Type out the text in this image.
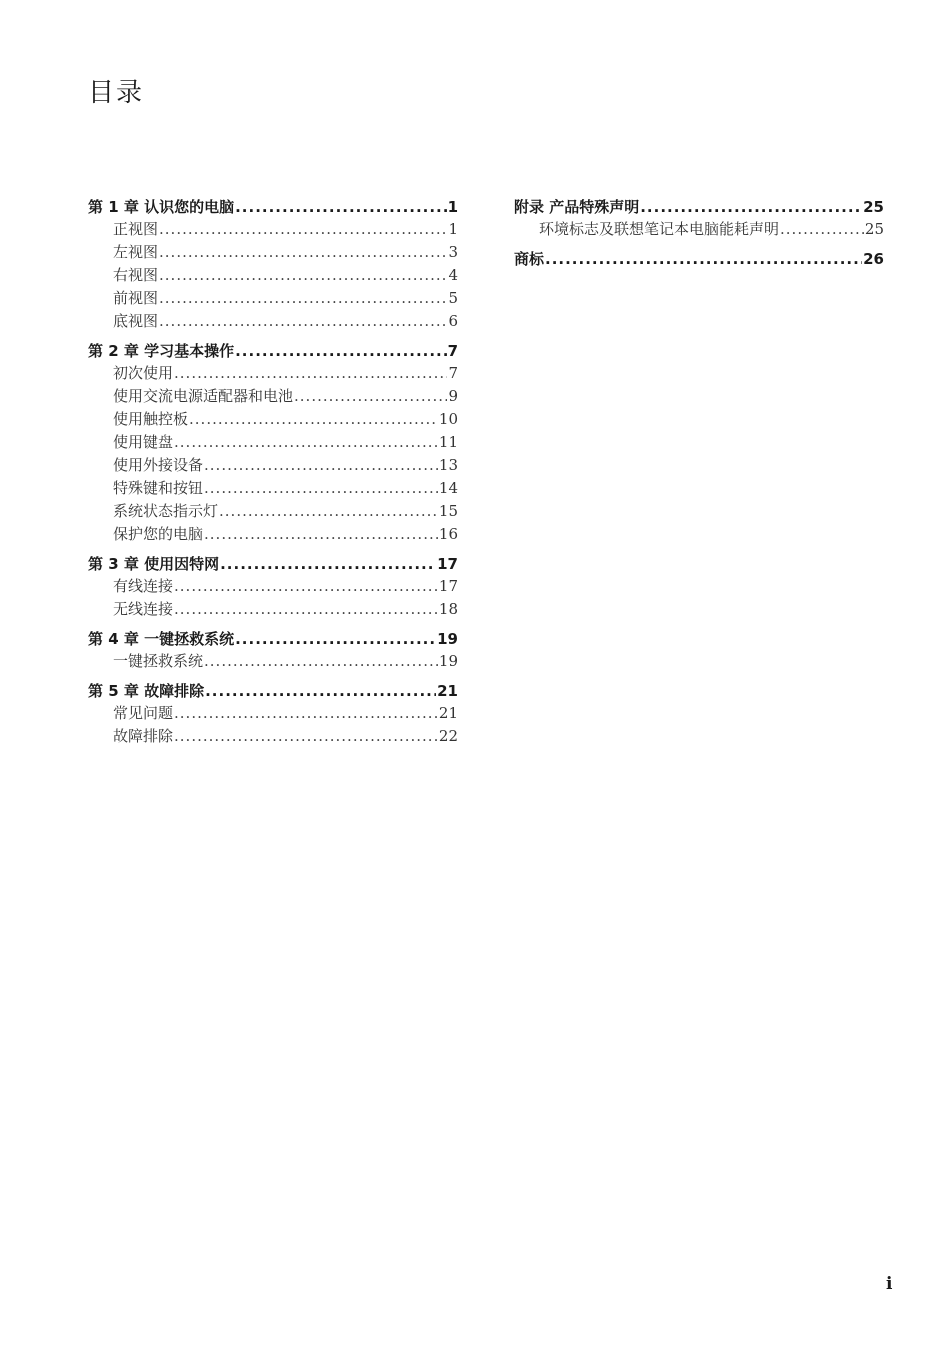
目录
第 1 章 认识您的电脑 .....	1
正视图 .....	1
左视图 .....	3
右视图 .....	4
前视图 .....	5
底视图 .....	6
第 2 章 学习基本操作 .....	7
初次使用 .....	7
使用交流电源适配器和电池 .....	9
使用触控板 .....	10
使用键盘 .....	11
使用外接设备 .....	13
特殊键和按钮 .....	14
系统状态指示灯 .....	15
保护您的电脑 .....	16
第 3 章 使用因特网 .....	17
有线连接 .....	17
无线连接 .....	18
第 4 章 一键拯救系统 .....	19
一键拯救系统 .....	19
第 5 章 故障排除 .....	21
常见问题 .....	21
故障排除 .....	22
附录 产品特殊声明 .....	25
环境标志及联想笔记本电脑能耗声明 .....	25
商标 .....	26
i
